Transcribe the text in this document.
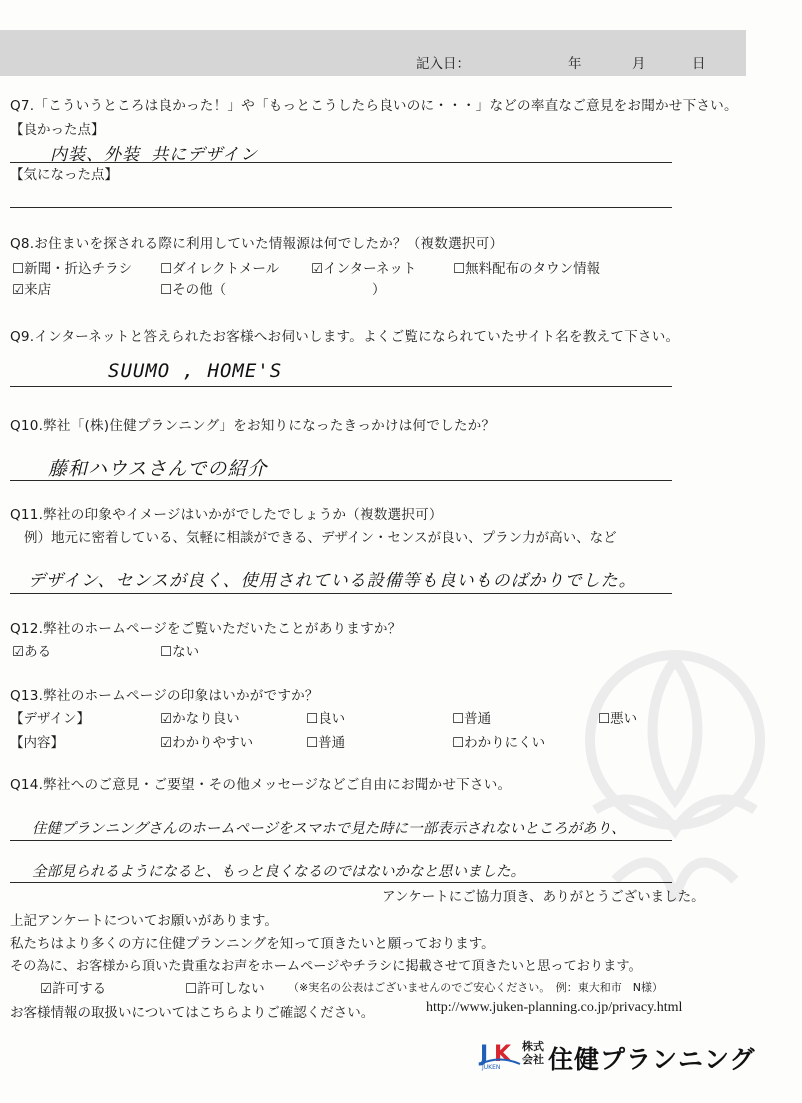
記入日：	年	月	日
Q7.「こういうところは良かった！」や「もっとこうしたら良いのに・・・」などの率直なご意見をお聞かせ下さい。
【良かった点】
内装、外装 共にデザイン
【気になった点】
Q8.お住まいを探される際に利用していた情報源は何でしたか？（複数選択可）
☐新聞・折込チラシ ☐ダイレクトメール ☑インターネット	☐無料配布のタウン情報
☑来店	☐その他（	）
Q9.インターネットと答えられたお客様へお伺いします。よくご覧になられていたサイト名を教えて下さい。
SUUMO , HOME'S
Q10.弊社「(株)住健プランニング」をお知りになったきっかけは何でしたか？
藤和ハウスさんでの紹介
Q11.弊社の印象やイメージはいかがでしたでしょうか（複数選択可）
例）地元に密着している、気軽に相談ができる、デザイン・センスが良い、プラン力が高い、など
デザイン、センスが良く、使用されている設備等も良いものばかりでした。
Q12.弊社のホームページをご覧いただいたことがありますか？
☑ある	☐ない
Q13.弊社のホームページの印象はいかがですか？
【デザイン】	☑かなり良い	☐良い	☐普通	☐悪い
【内容】	☑わかりやすい	☐普通	☐わかりにくい
Q14.弊社へのご意見・ご要望・その他メッセージなどご自由にお聞かせ下さい。
住健プランニングさんのホームページをスマホで見た時に一部表示されないところがあり、
全部見られるようになると、もっと良くなるのではないかなと思いました。
アンケートにご協力頂き、ありがとうございました。
上記アンケートについてお願いがあります。
私たちはより多くの方に住健プランニングを知って頂きたいと願っております。
その為に、お客様から頂いた貴重なお声をホームページやチラシに掲載させて頂きたいと思っております。
☑許可する	☐許可しない （※実名の公表はございませんのでご安心ください。　例：東大和市　N様）
お客様情報の取扱いについてはこちらよりご確認ください。	http://www.juken-planning.co.jp/privacy.html
J K
JUKEN
株式
会社 住健プランニング
